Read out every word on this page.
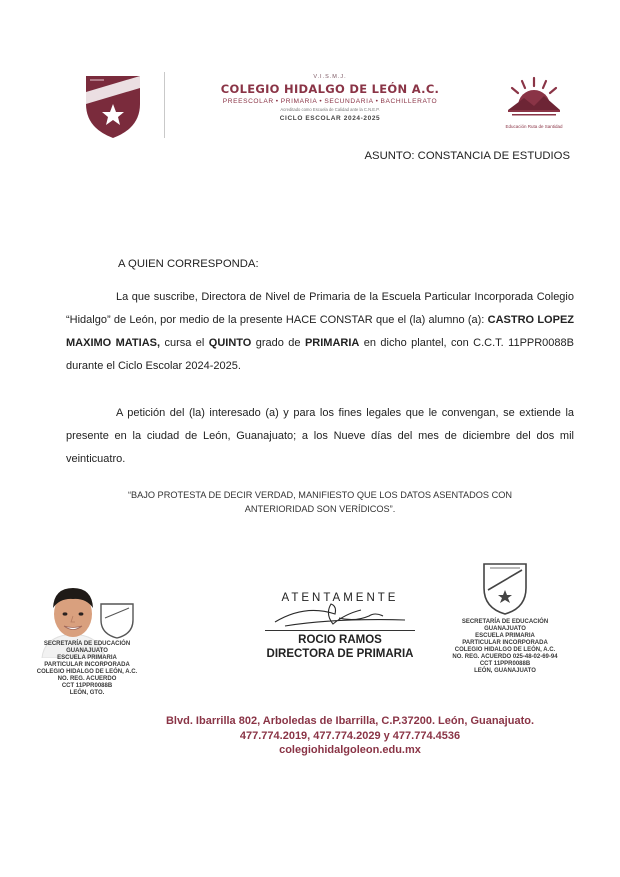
V.I.S.M.J.
COLEGIO HIDALGO DE LEÓN A.C.
PREESCOLAR • PRIMARIA • SECUNDARIA • BACHILLERATO
Acreditado como Escuela de Calidad ante la C.N.E.P.
CICLO ESCOLAR 2024-2025
Educación Ruta de Santidad
ASUNTO: CONSTANCIA DE ESTUDIOS
A QUIEN CORRESPONDA:
La que suscribe, Directora de Nivel de Primaria de la Escuela Particular Incorporada Colegio “Hidalgo” de León, por medio de la presente HACE CONSTAR que el (la) alumno (a): CASTRO LOPEZ MAXIMO MATIAS, cursa el QUINTO grado de PRIMARIA en dicho plantel, con C.C.T. 11PPR0088B durante el Ciclo Escolar 2024-2025.
A petición del (la) interesado (a) y para los fines legales que le convengan, se extiende la presente en la ciudad de León, Guanajuato; a los Nueve días del mes de diciembre del dos mil veinticuatro.
“BAJO PROTESTA DE DECIR VERDAD, MANIFIESTO QUE LOS DATOS ASENTADOS CON
ANTERIORIDAD SON VERÍDICOS”.
SECRETARÍA DE EDUCACIÓN
GUANAJUATO
ESCUELA PRIMARIA
PARTICULAR INCORPORADA
COLEGIO HIDALGO DE LEÓN, A.C.
NO. REG. ACUERDO
CCT 11PPR0088B
LEÓN, GTO.
ATENTAMENTE
ROCIO RAMOS
DIRECTORA DE PRIMARIA
SECRETARÍA DE EDUCACIÓN
GUANAJUATO
ESCUELA PRIMARIA
PARTICULAR INCORPORADA
COLEGIO HIDALGO DE LEÓN, A.C.
NO. REG. ACUERDO 025-48-02-69-94
CCT 11PPR0088B
LEÓN, GUANAJUATO
Blvd. Ibarrilla 802, Arboledas de Ibarrilla, C.P.37200. León, Guanajuato.
477.774.2019, 477.774.2029 y 477.774.4536
colegiohidalgoleon.edu.mx
